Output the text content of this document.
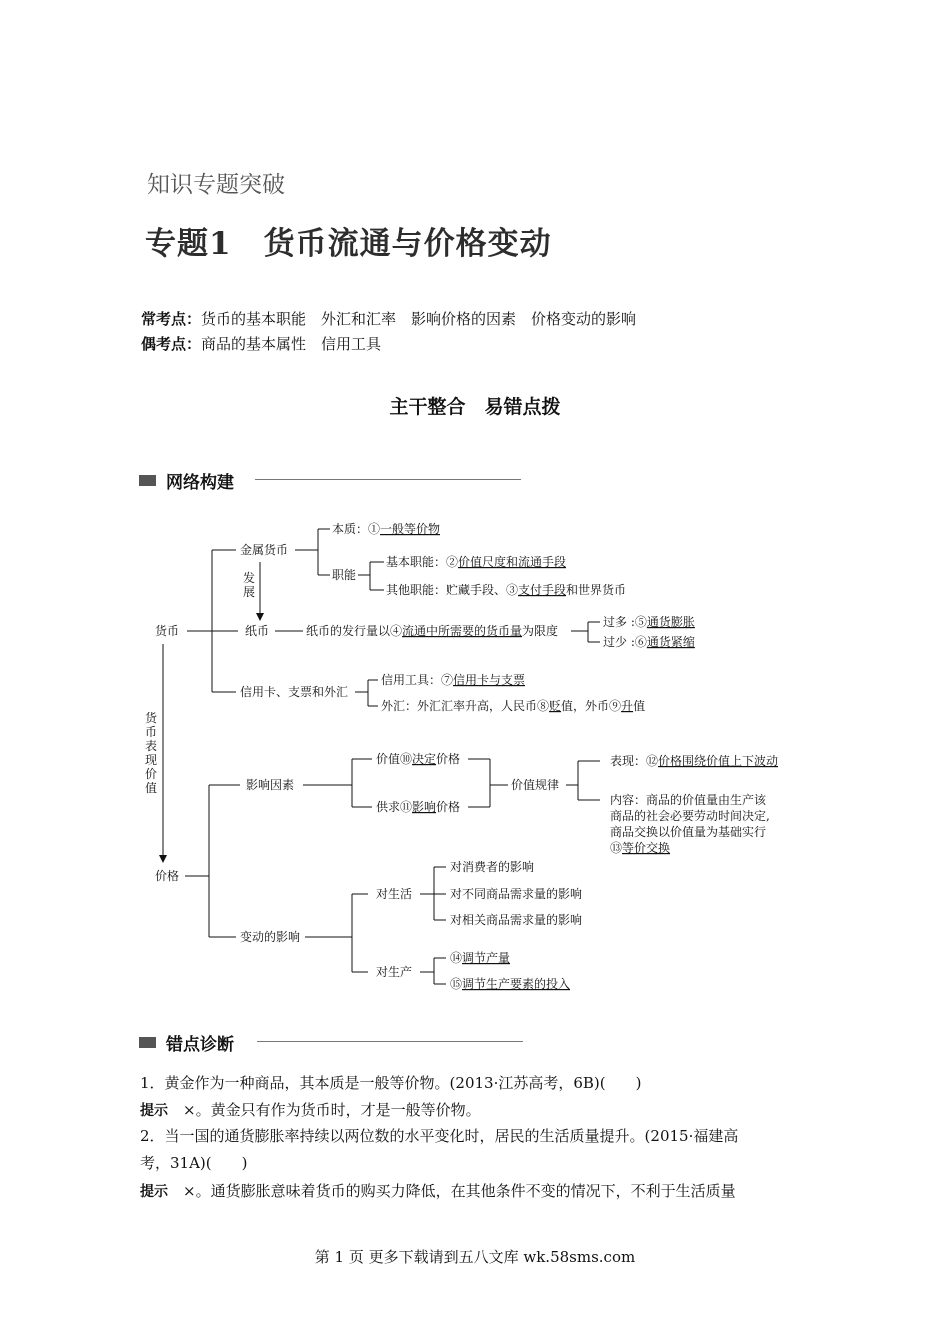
知识专题突破
专题1　货币流通与价格变动
常考点：货币的基本职能　外汇和汇率　影响价格的因素　价格变动的影响
偶考点：商品的基本属性　信用工具
主干整合　易错点拨
网络构建
货币
金属货币
本质：①一般等价物
职能
基本职能：②价值尺度和流通手段
其他职能：贮藏手段、③支付手段和世界货币
发展
纸币	纸币的发行量以④流通中所需要的货币量为限度
过多 :⑤通货膨胀
过少 :⑥通货紧缩
信用卡、支票和外汇
信用工具：⑦信用卡与支票
外汇：外汇汇率升高，人民币⑧贬值，外币⑨升值
货币表现价值
价格
影响因素
价值⑩决定价格
供求⑪影响价格
价值规律
表现：⑫价格围绕价值上下波动
内容：商品的价值量由生产该
商品的社会必要劳动时间决定,
商品交换以价值量为基础实行
⑬等价交换
变动的影响
对生活
对消费者的影响
对不同商品需求量的影响
对相关商品需求量的影响
对生产
⑭调节产量
⑮调节生产要素的投入
错点诊断
1．黄金作为一种商品，其本质是一般等价物。(2013·江苏高考，6B)(　　)
提示　 ×。黄金只有作为货币时，才是一般等价物。
2．当一国的通货膨胀率持续以两位数的水平变化时，居民的生活质量提升。(2015·福建高
考，31A)(　　)
提示　 ×。通货膨胀意味着货币的购买力降低，在其他条件不变的情况下，不利于生活质量
第 1 页 更多下载请到五八文库 wk.58sms.com
